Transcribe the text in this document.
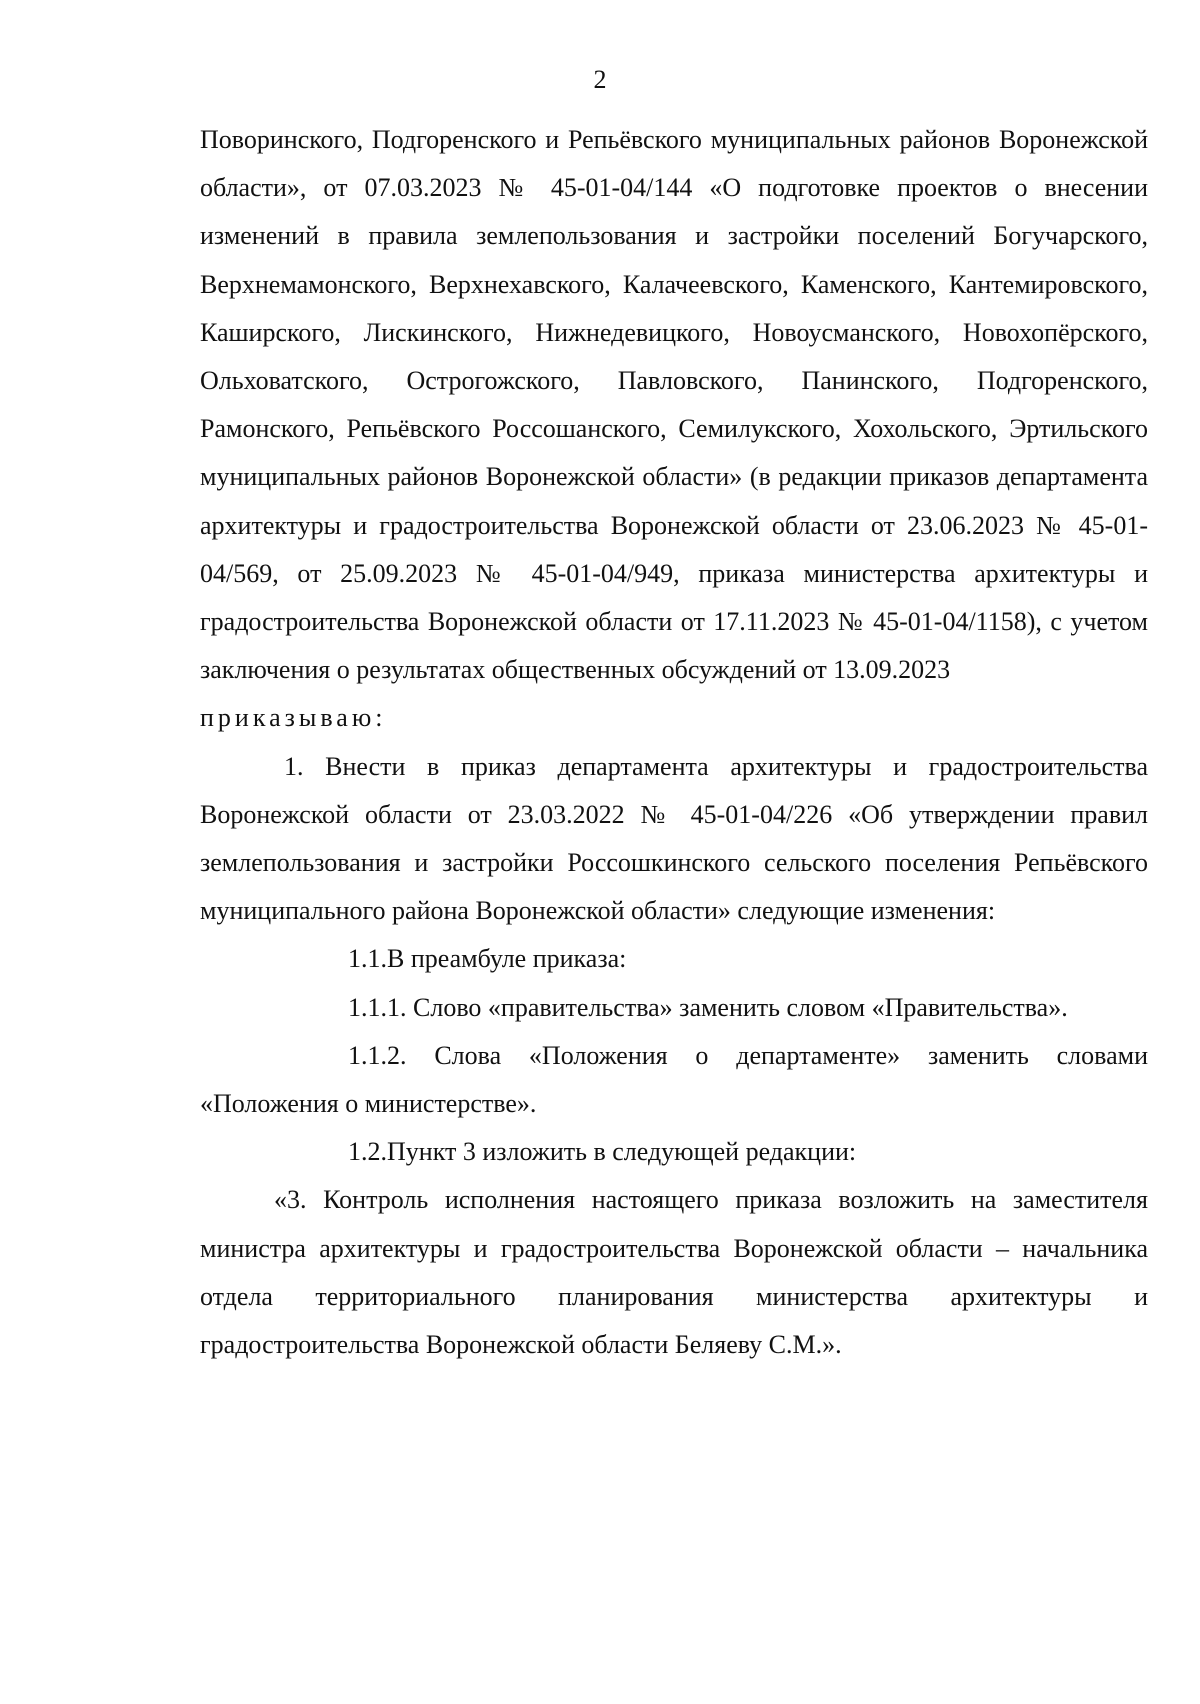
2

Поворинского, Подгоренского и Репьёвского муниципальных районов Воронежской области», от 07.03.2023 № 45-01-04/144 «О подготовке проектов о внесении изменений в правила землепользования и застройки поселений Богучарского, Верхнемамонского, Верхнехавского, Калачеевского, Каменского, Кантемировского, Каширского, Лискинского, Нижнедевицкого, Новоусманского, Новохопёрского, Ольховатского, Острогожского, Павловского, Панинского, Подгоренского, Рамонского, Репьёвского Россошанского, Семилукского, Хохольского, Эртильского муниципальных районов Воронежской области» (в редакции приказов департамента архитектуры и градостроительства Воронежской области от 23.06.2023 № 45-01-04/569, от 25.09.2023 № 45-01-04/949, приказа министерства архитектуры и градостроительства Воронежской области от 17.11.2023 № 45-01-04/1158), с учетом заключения о результатах общественных обсуждений от 13.09.2023

приказываю:

1. Внести в приказ департамента архитектуры и градостроительства Воронежской области от 23.03.2022 № 45-01-04/226 «Об утверждении правил землепользования и застройки Россошкинского сельского поселения Репьёвского муниципального района Воронежской области» следующие изменения:

1.1.В преамбуле приказа:

1.1.1. Слово «правительства» заменить словом «Правительства».

1.1.2. Слова «Положения о департаменте» заменить словами «Положения о министерстве».

1.2.Пункт 3 изложить в следующей редакции:

«3. Контроль исполнения настоящего приказа возложить на заместителя министра архитектуры и градостроительства Воронежской области – начальника отдела территориального планирования министерства архитектуры и градостроительства Воронежской области Беляеву С.М.».
